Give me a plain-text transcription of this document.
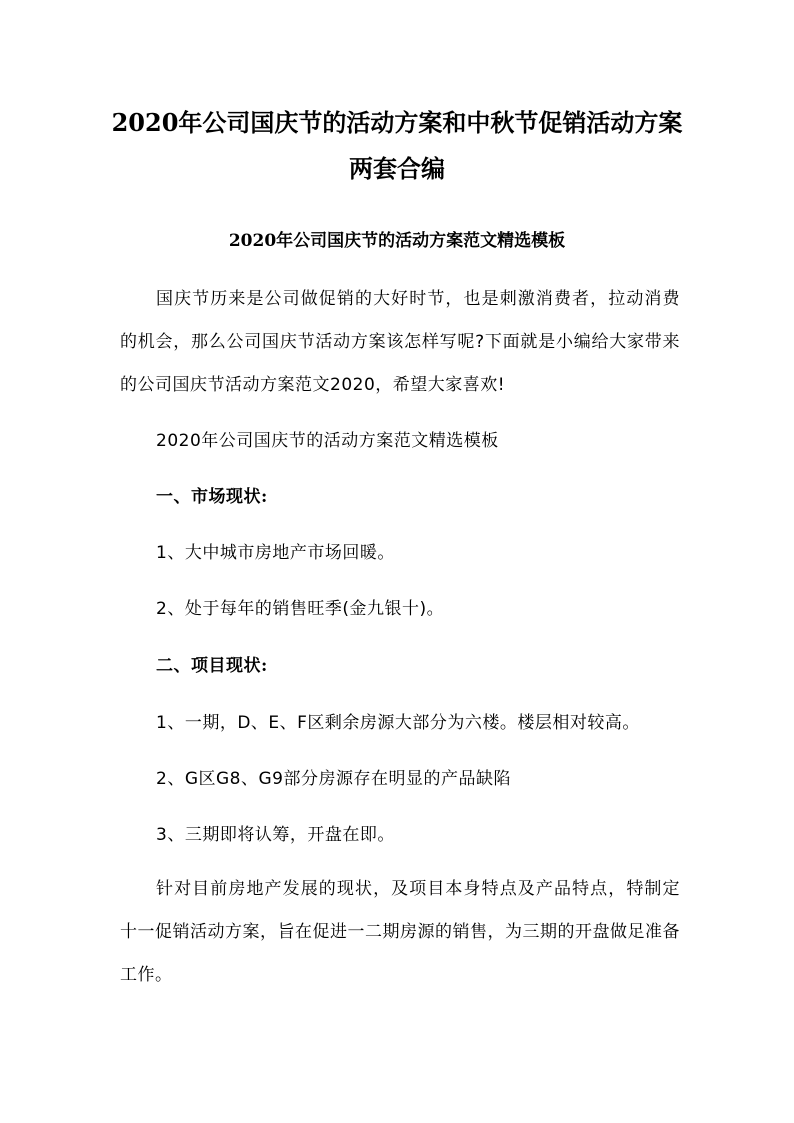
2020年公司国庆节的活动方案和中秋节促销活动方案两套合编
2020年公司国庆节的活动方案范文精选模板

国庆节历来是公司做促销的大好时节，也是刺激消费者，拉动消费的机会，那么公司国庆节活动方案该怎样写呢?下面就是小编给大家带来的公司国庆节活动方案范文2020，希望大家喜欢!

2020年公司国庆节的活动方案范文精选模板
一、市场现状:
1、大中城市房地产市场回暖。
2、处于每年的销售旺季(金九银十)。
二、项目现状:
1、一期，D、E、F区剩余房源大部分为六楼。楼层相对较高。
2、G区G8、G9部分房源存在明显的产品缺陷
3、三期即将认筹，开盘在即。

针对目前房地产发展的现状，及项目本身特点及产品特点，特制定十一促销活动方案，旨在促进一二期房源的销售，为三期的开盘做足准备工作。
